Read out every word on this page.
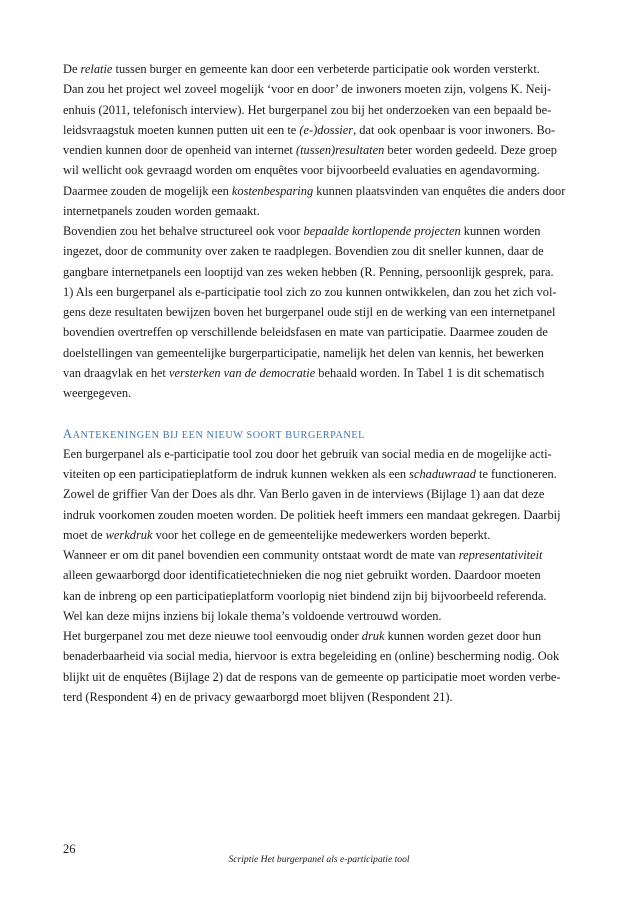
De relatie tussen burger en gemeente kan door een verbeterde participatie ook worden versterkt.
Dan zou het project wel zoveel mogelijk ‘voor en door’ de inwoners moeten zijn, volgens K. Neij-
enhuis (2011, telefonisch interview). Het burgerpanel zou bij het onderzoeken van een bepaald be-
leidsvraagstuk moeten kunnen putten uit een te (e-)dossier, dat ook openbaar is voor inwoners. Bo-
vendien kunnen door de openheid van internet (tussen)resultaten beter worden gedeeld. Deze groep
wil wellicht ook gevraagd worden om enquêtes voor bijvoorbeeld evaluaties en agendavorming.
Daarmee zouden de mogelijk een kostenbesparing kunnen plaatsvinden van enquêtes die anders door
internetpanels zouden worden gemaakt.
Bovendien zou het behalve structureel ook voor bepaalde kortlopende projecten kunnen worden
ingezet, door de community over zaken te raadplegen. Bovendien zou dit sneller kunnen, daar de
gangbare internetpanels een looptijd van zes weken hebben (R. Penning, persoonlijk gesprek, para.
1) Als een burgerpanel als e-participatie tool zich zo zou kunnen ontwikkelen, dan zou het zich vol-
gens deze resultaten bewijzen boven het burgerpanel oude stijl en de werking van een internetpanel
bovendien overtreffen op verschillende beleidsfasen en mate van participatie. Daarmee zouden de
doelstellingen van gemeentelijke burgerparticipatie, namelijk het delen van kennis, het bewerken
van draagvlak en het versterken van de democratie behaald worden. In Tabel 1 is dit schematisch
weergegeven.
AANTEKENINGEN BIJ EEN NIEUW SOORT BURGERPANEL
Een burgerpanel als e-participatie tool zou door het gebruik van social media en de mogelijke acti-
viteiten op een participatieplatform de indruk kunnen wekken als een schaduwraad te functioneren.
Zowel de griffier Van der Does als dhr. Van Berlo gaven in de interviews (Bijlage 1) aan dat deze
indruk voorkomen zouden moeten worden. De politiek heeft immers een mandaat gekregen. Daarbij
moet de werkdruk voor het college en de gemeentelijke medewerkers worden beperkt.
Wanneer er om dit panel bovendien een community ontstaat wordt de mate van representativiteit
alleen gewaarborgd door identificatietechnieken die nog niet gebruikt worden. Daardoor moeten
kan de inbreng op een participatieplatform voorlopig niet bindend zijn bij bijvoorbeeld referenda.
Wel kan deze mijns inziens bij lokale thema’s voldoende vertrouwd worden.
Het burgerpanel zou met deze nieuwe tool eenvoudig onder druk kunnen worden gezet door hun
benaderbaarheid via social media, hiervoor is extra begeleiding en (online) bescherming nodig. Ook
blijkt uit de enquêtes (Bijlage 2) dat de respons van de gemeente op participatie moet worden verbe-
terd (Respondent 4) en de privacy gewaarborgd moet blijven (Respondent 21).
26
Scriptie Het burgerpanel als e-participatie tool
